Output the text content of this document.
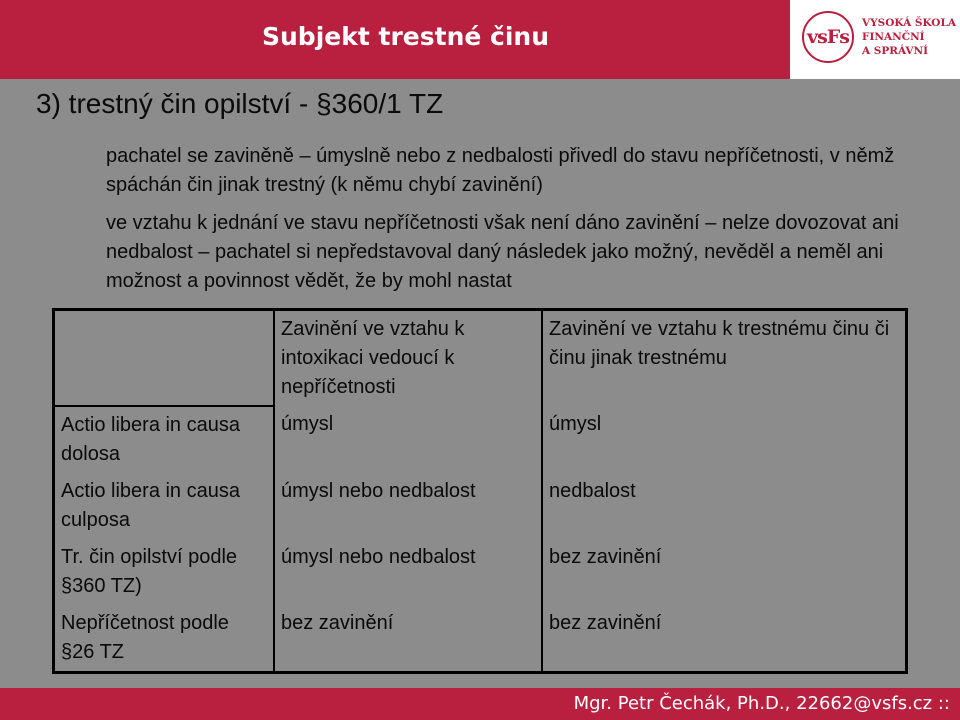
Subjekt trestné činu	vsFs
VYSOKÁ ŠKOLA
FINANČNÍ
A SPRÁVNÍ
3) trestný čin opilství - §360/1 TZ
pachatel se zaviněně – úmyslně nebo z nedbalosti přivedl do stavu nepříčetnosti, v němž spáchán čin jinak trestný (k němu chybí zavinění)
ve vztahu k jednání ve stavu nepříčetnosti však není dáno zavinění – nelze dovozovat ani nedbalost – pachatel si nepředstavoval daný následek jako možný, nevěděl a neměl ani možnost a povinnost vědět, že by mohl nastat
	Zavinění ve vztahu k intoxikaci vedoucí k nepříčetnosti	Zavinění ve vztahu k trestnému činu či činu jinak trestnému
Actio libera in causa dolosa	úmysl	úmysl
Actio libera in causa culposa	úmysl nebo nedbalost	nedbalost
Tr. čin opilství podle §360 TZ)	úmysl nebo nedbalost	bez zavinění
Nepříčetnost podle §26 TZ	bez zavinění	bez zavinění
Mgr. Petr Čechák, Ph.D., 22662@vsfs.cz ::
